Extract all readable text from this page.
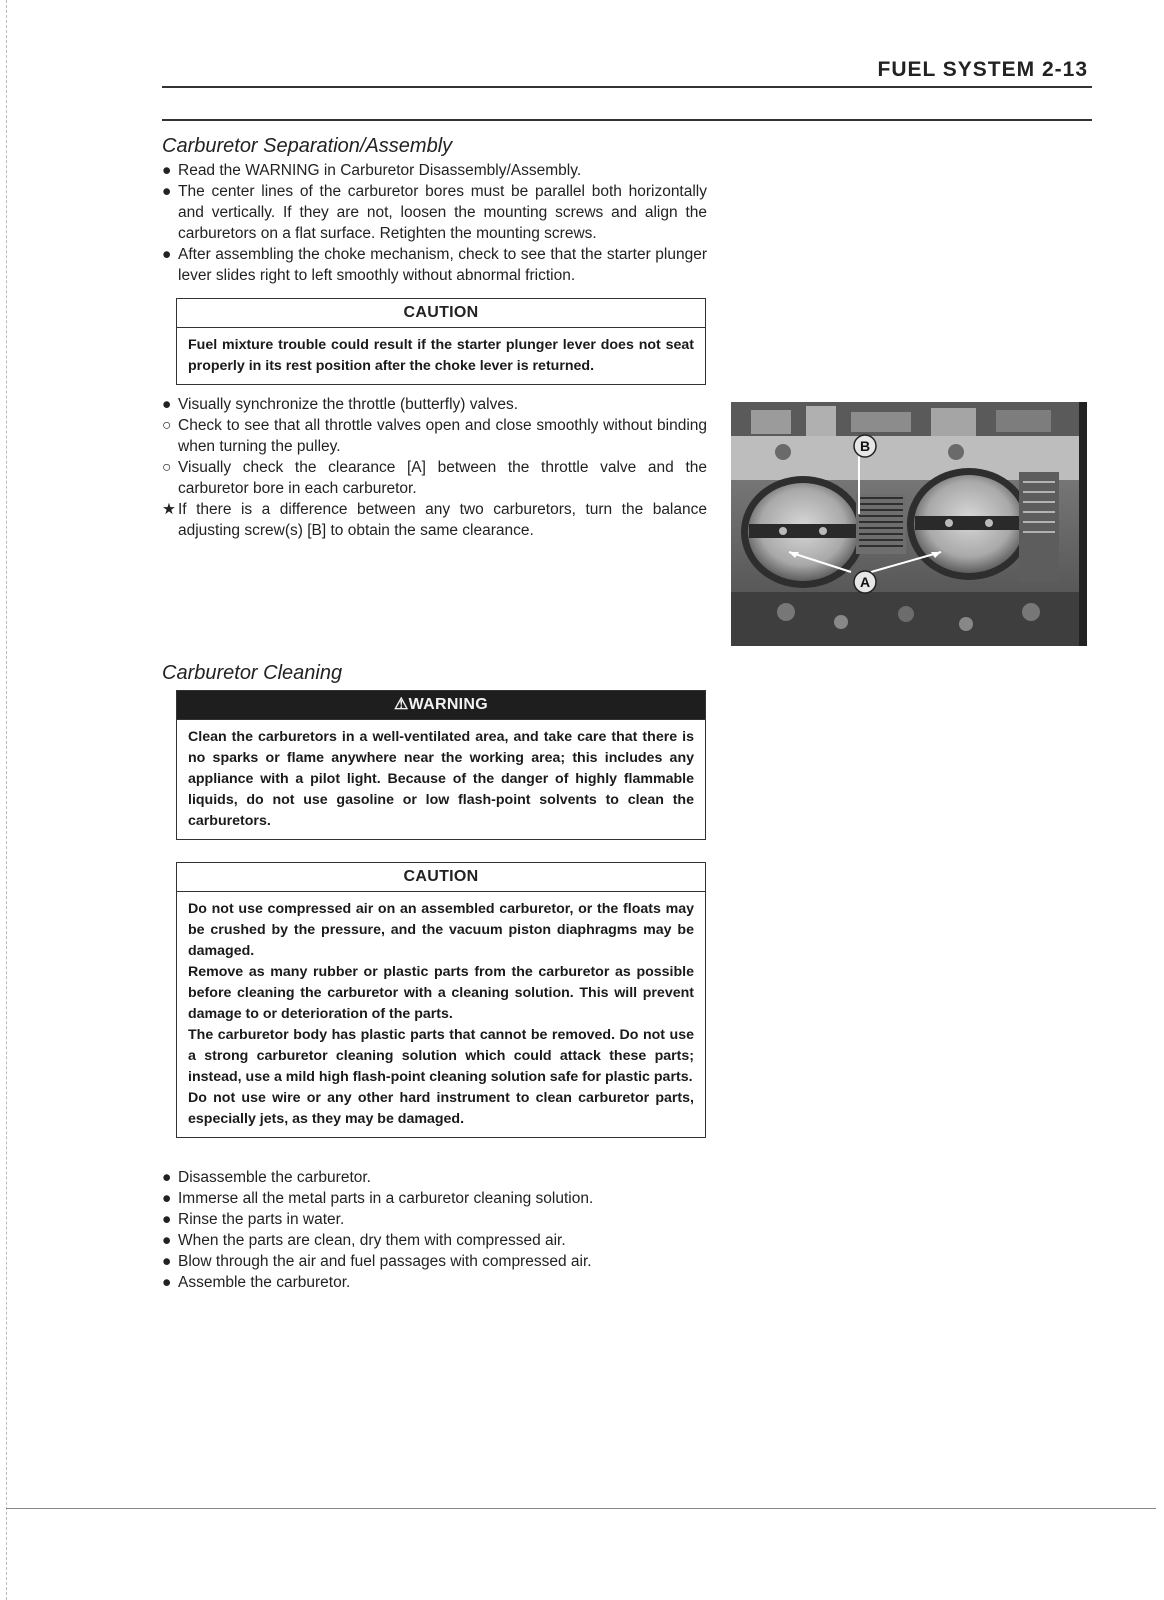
FUEL SYSTEM 2-13
Carburetor Separation/Assembly
● Read the WARNING in Carburetor Disassembly/Assembly.
● The center lines of the carburetor bores must be parallel both horizontally and vertically. If they are not, loosen the mounting screws and align the carburetors on a flat surface. Retighten the mounting screws.
● After assembling the choke mechanism, check to see that the starter plunger lever slides right to left smoothly without abnormal friction.
CAUTION
Fuel mixture trouble could result if the starter plunger lever does not seat properly in its rest position after the choke lever is returned.
● Visually synchronize the throttle (butterfly) valves.
○ Check to see that all throttle valves open and close smoothly without binding when turning the pulley.
○ Visually check the clearance [A] between the throttle valve and the carburetor bore in each carburetor.
★ If there is a difference between any two carburetors, turn the balance adjusting screw(s) [B] to obtain the same clearance.
B
A
Carburetor Cleaning
⚠WARNING
Clean the carburetors in a well-ventilated area, and take care that there is no sparks or flame anywhere near the working area; this includes any appliance with a pilot light. Because of the danger of highly flammable liquids, do not use gasoline or low flash-point solvents to clean the carburetors.
CAUTION

Do not use compressed air on an assembled carburetor, or the floats may be crushed by the pressure, and the vacuum piston diaphragms may be damaged.

Remove as many rubber or plastic parts from the carburetor as possible before cleaning the carburetor with a cleaning solution. This will prevent damage to or deterioration of the parts.

The carburetor body has plastic parts that cannot be removed. Do not use a strong carburetor cleaning solution which could attack these parts; instead, use a mild high flash-point cleaning solution safe for plastic parts.

Do not use wire or any other hard instrument to clean carburetor parts, especially jets, as they may be damaged.

● Disassemble the carburetor.
● Immerse all the metal parts in a carburetor cleaning solution.
● Rinse the parts in water.
● When the parts are clean, dry them with compressed air.
● Blow through the air and fuel passages with compressed air.
● Assemble the carburetor.
